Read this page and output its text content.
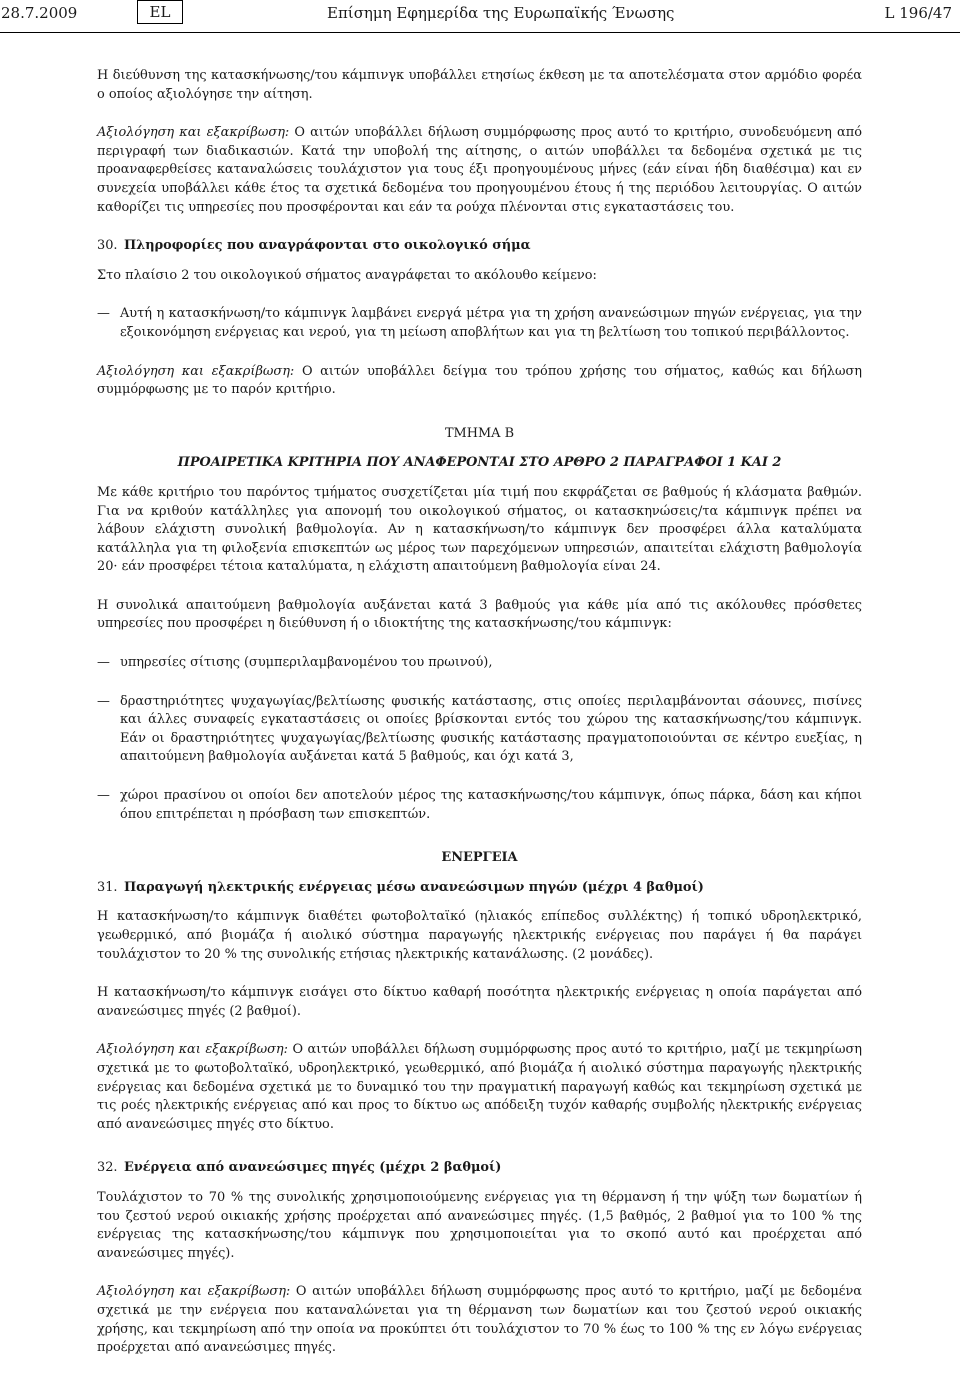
28.7.2009	EL	Επίσημη Εφημερίδα της Ευρωπαϊκής Ένωσης	L 196/47

Η διεύθυνση της κατασκήνωσης/του κάμπινγκ υποβάλλει ετησίως έκθεση με τα αποτελέσματα στον αρμόδιο φορέα ο οποίος αξιολόγησε την αίτηση.

Αξιολόγηση και εξακρίβωση: Ο αιτών υποβάλλει δήλωση συμμόρφωσης προς αυτό το κριτήριο, συνοδευόμενη από περιγραφή των διαδικασιών. Κατά την υποβολή της αίτησης, ο αιτών υποβάλλει τα δεδομένα σχετικά με τις προαναφερθείσες καταναλώσεις τουλάχιστον για τους έξι προηγουμένους μήνες (εάν είναι ήδη διαθέσιμα) και εν συνεχεία υποβάλλει κάθε έτος τα σχετικά δεδομένα του προηγουμένου έτους ή της περιόδου λειτουργίας. Ο αιτών καθορίζει τις υπηρεσίες που προσφέρονται και εάν τα ρούχα πλένονται στις εγκαταστάσεις του.

30. Πληροφορίες που αναγράφονται στο οικολογικό σήμα

Στο πλαίσιο 2 του οικολογικού σήματος αναγράφεται το ακόλουθο κείμενο:

— Αυτή η κατασκήνωση/το κάμπινγκ λαμβάνει ενεργά μέτρα για τη χρήση ανανεώσιμων πηγών ενέργειας, για την εξοικονόμηση ενέργειας και νερού, για τη μείωση αποβλήτων και για τη βελτίωση του τοπικού περιβάλλοντος.

Αξιολόγηση και εξακρίβωση: Ο αιτών υποβάλλει δείγμα του τρόπου χρήσης του σήματος, καθώς και δήλωση συμμόρφωσης με το παρόν κριτήριο.

ΤΜΗΜΑ Β

ΠΡΟΑΙΡΕΤΙΚΑ ΚΡΙΤΗΡΙΑ ΠΟΥ ΑΝΑΦΕΡΟΝΤΑΙ ΣΤΟ ΑΡΘΡΟ 2 ΠΑΡΑΓΡΑΦΟΙ 1 ΚΑΙ 2

Με κάθε κριτήριο του παρόντος τμήματος συσχετίζεται μία τιμή που εκφράζεται σε βαθμούς ή κλάσματα βαθμών. Για να κριθούν κατάλληλες για απονομή του οικολογικού σήματος, οι κατασκηνώσεις/τα κάμπινγκ πρέπει να λάβουν ελάχιστη συνολική βαθμολογία. Αν η κατασκήνωση/το κάμπινγκ δεν προσφέρει άλλα καταλύματα κατάλληλα για τη φιλοξενία επισκεπτών ως μέρος των παρεχόμενων υπηρεσιών, απαιτείται ελάχιστη βαθμολογία 20· εάν προσφέρει τέτοια καταλύματα, η ελάχιστη απαιτούμενη βαθμολογία είναι 24.

Η συνολικά απαιτούμενη βαθμολογία αυξάνεται κατά 3 βαθμούς για κάθε μία από τις ακόλουθες πρόσθετες υπηρεσίες που προσφέρει η διεύθυνση ή ο ιδιοκτήτης της κατασκήνωσης/του κάμπινγκ:

— υπηρεσίες σίτισης (συμπεριλαμβανομένου του πρωινού),

— δραστηριότητες ψυχαγωγίας/βελτίωσης φυσικής κατάστασης, στις οποίες περιλαμβάνονται σάουνες, πισίνες και άλλες συναφείς εγκαταστάσεις οι οποίες βρίσκονται εντός του χώρου της κατασκήνωσης/του κάμπινγκ. Εάν οι δραστηριότητες ψυχαγωγίας/βελτίωσης φυσικής κατάστασης πραγματοποιούνται σε κέντρο ευεξίας, η απαιτούμενη βαθμολογία αυξάνεται κατά 5 βαθμούς, και όχι κατά 3,

— χώροι πρασίνου οι οποίοι δεν αποτελούν μέρος της κατασκήνωσης/του κάμπινγκ, όπως πάρκα, δάση και κήποι όπου επιτρέπεται η πρόσβαση των επισκεπτών.

ΕΝΕΡΓΕΙΑ

31. Παραγωγή ηλεκτρικής ενέργειας μέσω ανανεώσιμων πηγών (μέχρι 4 βαθμοί)

Η κατασκήνωση/το κάμπινγκ διαθέτει φωτοβολταϊκό (ηλιακός επίπεδος συλλέκτης) ή τοπικό υδροηλεκτρικό, γεωθερμικό, από βιομάζα ή αιολικό σύστημα παραγωγής ηλεκτρικής ενέργειας που παράγει ή θα παράγει τουλάχιστον το 20 % της συνολικής ετήσιας ηλεκτρικής κατανάλωσης. (2 μονάδες).

Η κατασκήνωση/το κάμπινγκ εισάγει στο δίκτυο καθαρή ποσότητα ηλεκτρικής ενέργειας η οποία παράγεται από ανανεώσιμες πηγές (2 βαθμοί).

Αξιολόγηση και εξακρίβωση: Ο αιτών υποβάλλει δήλωση συμμόρφωσης προς αυτό το κριτήριο, μαζί με τεκμηρίωση σχετικά με το φωτοβολταϊκό, υδροηλεκτρικό, γεωθερμικό, από βιομάζα ή αιολικό σύστημα παραγωγής ηλεκτρικής ενέργειας και δεδομένα σχετικά με το δυναμικό του την πραγματική παραγωγή καθώς και τεκμηρίωση σχετικά με τις ροές ηλεκτρικής ενέργειας από και προς το δίκτυο ως απόδειξη τυχόν καθαρής συμβολής ηλεκτρικής ενέργειας από ανανεώσιμες πηγές στο δίκτυο.

32. Ενέργεια από ανανεώσιμες πηγές (μέχρι 2 βαθμοί)

Τουλάχιστον το 70 % της συνολικής χρησιμοποιούμενης ενέργειας για τη θέρμανση ή την ψύξη των δωματίων ή του ζεστού νερού οικιακής χρήσης προέρχεται από ανανεώσιμες πηγές. (1,5 βαθμός, 2 βαθμοί για το 100 % της ενέργειας της κατασκήνωσης/του κάμπινγκ που χρησιμοποιείται για το σκοπό αυτό και προέρχεται από ανανεώσιμες πηγές).

Αξιολόγηση και εξακρίβωση: Ο αιτών υποβάλλει δήλωση συμμόρφωσης προς αυτό το κριτήριο, μαζί με δεδομένα σχετικά με την ενέργεια που καταναλώνεται για τη θέρμανση των δωματίων και του ζεστού νερού οικιακής χρήσης, και τεκμηρίωση από την οποία να προκύπτει ότι τουλάχιστον το 70 % έως το 100 % της εν λόγω ενέργειας προέρχεται από ανανεώσιμες πηγές.
